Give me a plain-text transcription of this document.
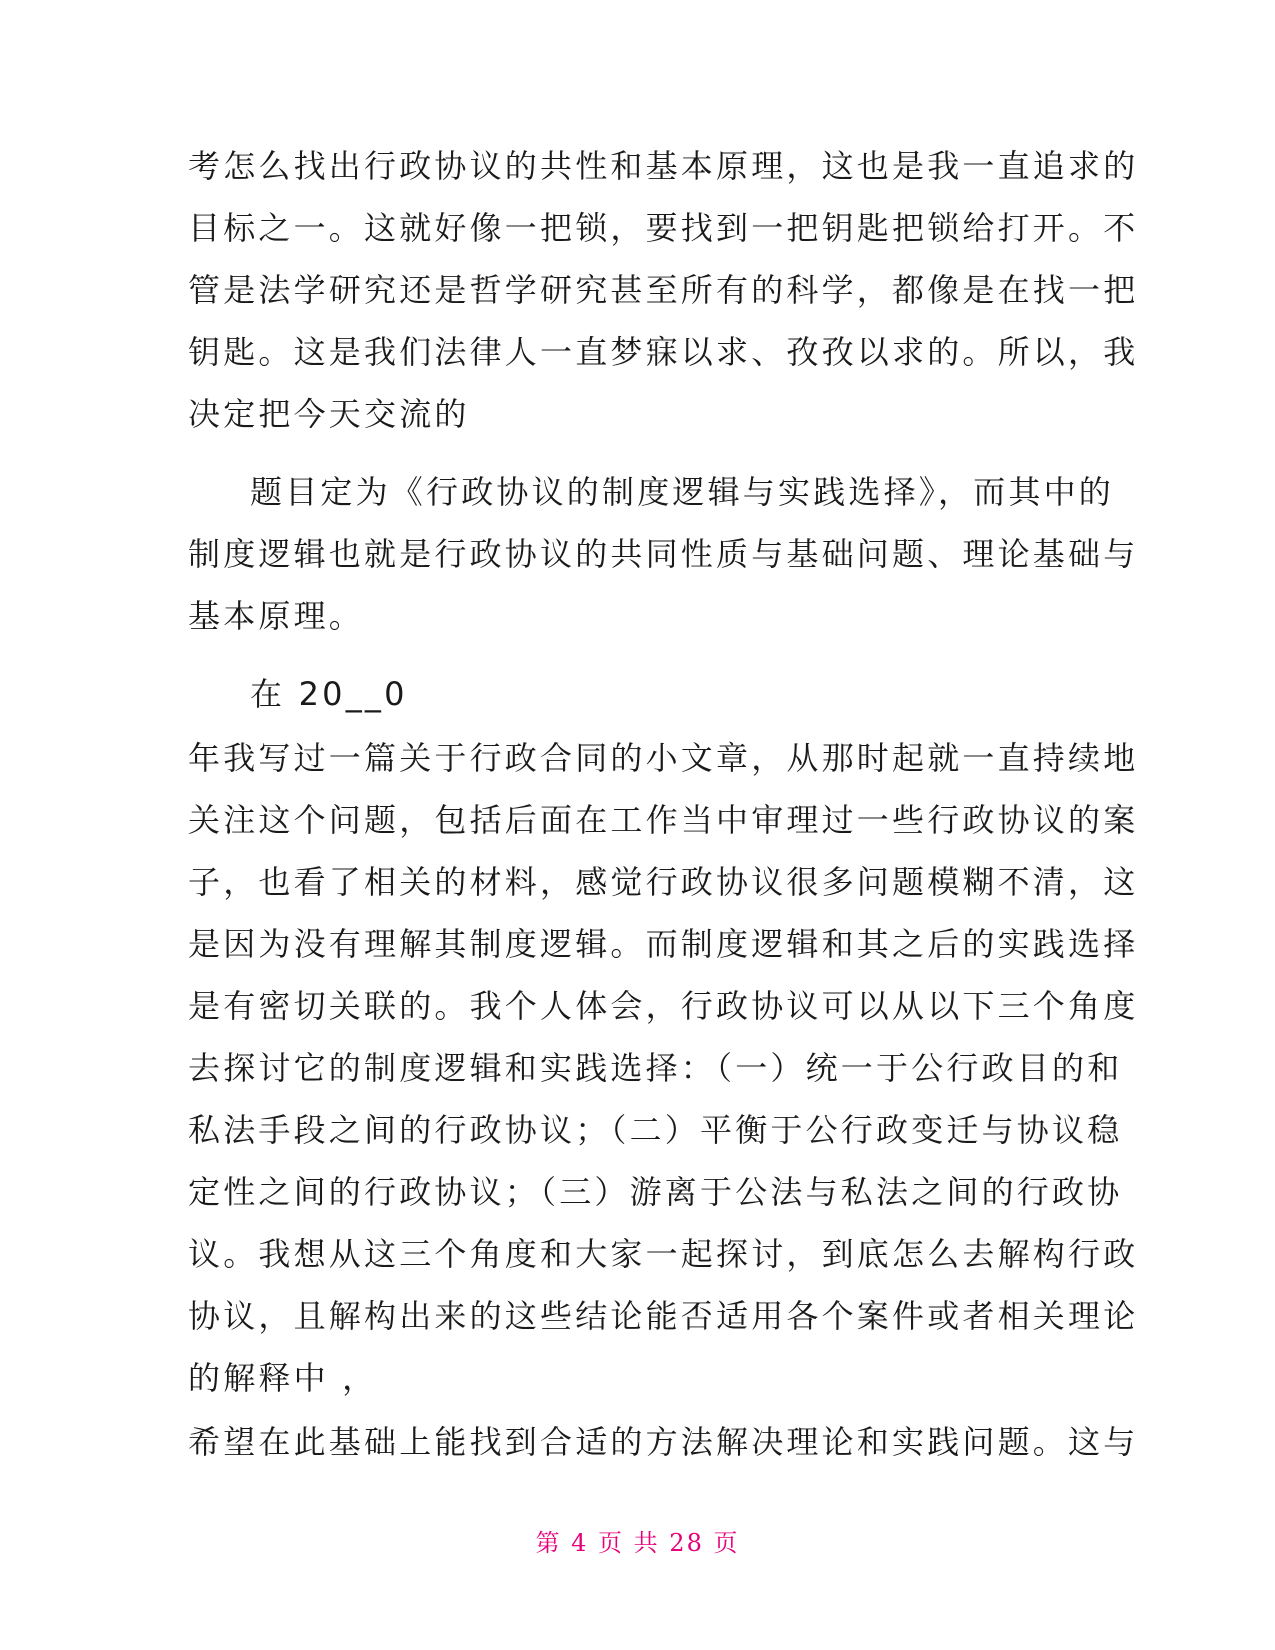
考怎么找出行政协议的共性和基本原理，这也是我一直追求的
目标之一。这就好像一把锁，要找到一把钥匙把锁给打开。不
管是法学研究还是哲学研究甚至所有的科学，都像是在找一把
钥匙。这是我们法律人一直梦寐以求、孜孜以求的。所以，我
决定把今天交流的
题目定为《行政协议的制度逻辑与实践选择》，而其中的
制度逻辑也就是行政协议的共同性质与基础问题、理论基础与
基本原理。
在 20__0
年我写过一篇关于行政合同的小文章，从那时起就一直持续地
关注这个问题，包括后面在工作当中审理过一些行政协议的案
子，也看了相关的材料，感觉行政协议很多问题模糊不清，这
是因为没有理解其制度逻辑。而制度逻辑和其之后的实践选择
是有密切关联的。我个人体会，行政协议可以从以下三个角度
去探讨它的制度逻辑和实践选择：（一）统一于公行政目的和
私法手段之间的行政协议；（二）平衡于公行政变迁与协议稳
定性之间的行政协议；（三）游离于公法与私法之间的行政协
议。我想从这三个角度和大家一起探讨，到底怎么去解构行政
协议，且解构出来的这些结论能否适用各个案件或者相关理论
的解释中 ，
希望在此基础上能找到合适的方法解决理论和实践问题。这与
第 4 页 共 28 页
